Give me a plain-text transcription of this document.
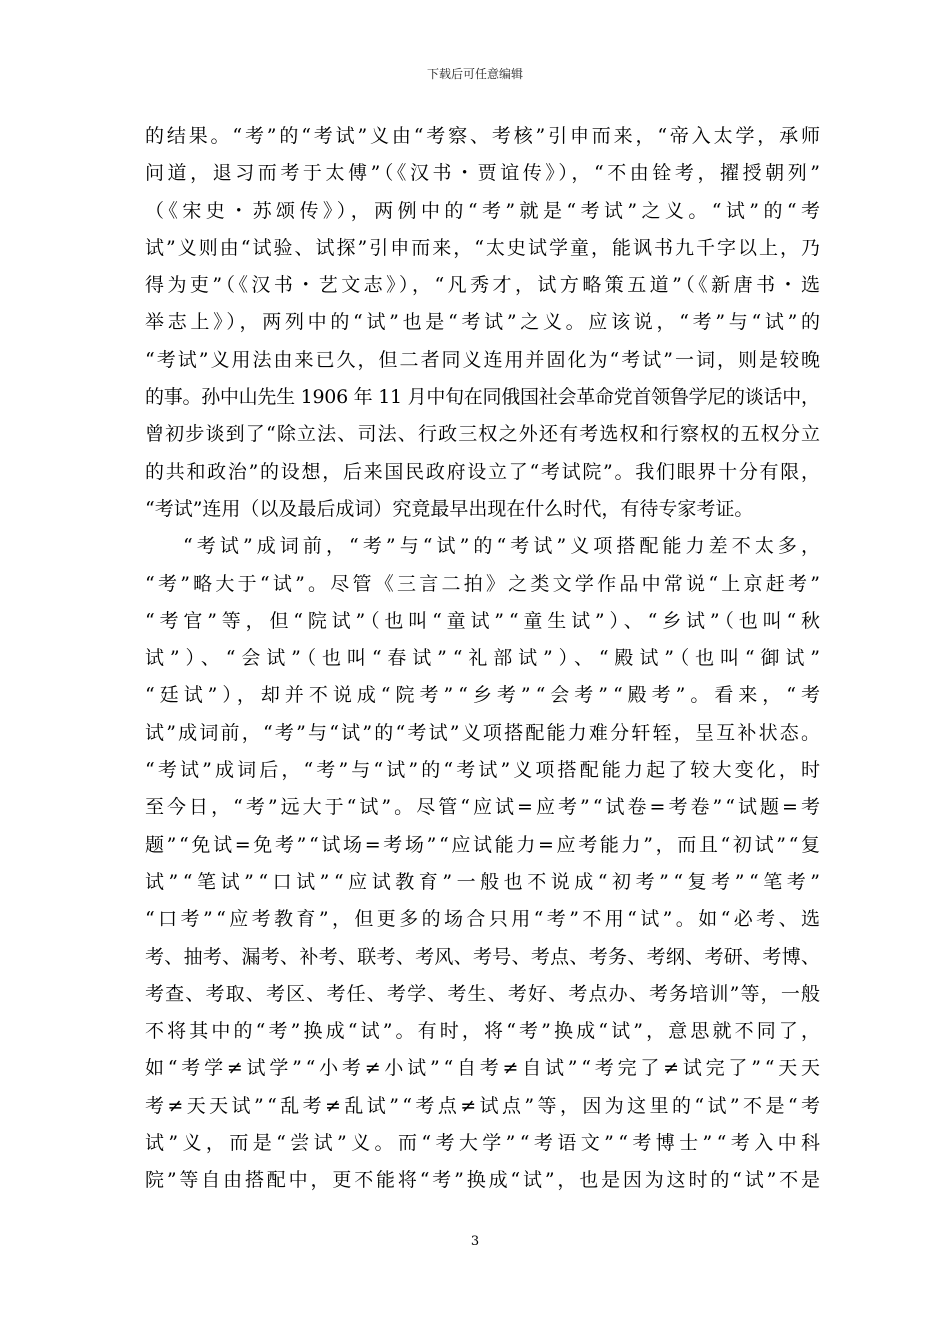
下载后可任意编辑
的结果。“考”的“考试”义由“考察、考核”引申而来，“帝入太学，承师
问道，退习而考于太傅”（《汉书・贾谊传》），“不由铨考，擢授朝列”
（《宋史・苏颂传》），两例中的“考”就是“考试”之义。“试”的“考
试”义则由“试验、试探”引申而来，“太史试学童，能讽书九千字以上，乃
得为吏”（《汉书・艺文志》），“凡秀才，试方略策五道”（《新唐书・选
举志上》），两列中的“试”也是“考试”之义。应该说，“考”与“试”的
“考试”义用法由来已久，但二者同义连用并固化为“考试”一词，则是较晚
的事。孙中山先生 1906 年 11 月中旬在同俄国社会革命党首领鲁学尼的谈话中，
曾初步谈到了“除立法、司法、行政三权之外还有考选权和行察权的五权分立
的共和政治”的设想，后来国民政府设立了“考试院”。我们眼界十分有限，
“考试”连用（以及最后成词）究竟最早出现在什么时代，有待专家考证。
“考试”成词前，“考”与“试”的“考试”义项搭配能力差不太多，
“考”略大于“试”。尽管《三言二拍》之类文学作品中常说“上京赶考”
“考官”等，但“院试”（也叫“童试”“童生试”）、“乡试”（也叫“秋
试”）、“会试”（也叫“春试”“礼部试”）、“殿试”（也叫“御试”
“廷试”），却并不说成“院考”“乡考”“会考”“殿考”。看来，“考
试”成词前，“考”与“试”的“考试”义项搭配能力难分轩轾，呈互补状态。
“考试”成词后，“考”与“试”的“考试”义项搭配能力起了较大变化，时
至今日，“考”远大于“试”。尽管“应试=应考”“试卷=考卷”“试题=考
题”“免试=免考”“试场=考场”“应试能力=应考能力”，而且“初试”“复
试”“笔试”“口试”“应试教育”一般也不说成“初考”“复考”“笔考”
“口考”“应考教育”，但更多的场合只用“考”不用“试”。如“必考、选
考、抽考、漏考、补考、联考、考风、考号、考点、考务、考纲、考研、考博、
考查、考取、考区、考任、考学、考生、考好、考点办、考务培训”等，一般
不将其中的“考”换成“试”。有时，将“考”换成“试”，意思就不同了，
如“考学≠试学”“小考≠小试”“自考≠自试”“考完了≠试完了”“天天
考≠天天试”“乱考≠乱试”“考点≠试点”等，因为这里的“试”不是“考
试”义，而是“尝试”义。而“考大学”“考语文”“考博士”“考入中科
院”等自由搭配中，更不能将“考”换成“试”，也是因为这时的“试”不是
3
